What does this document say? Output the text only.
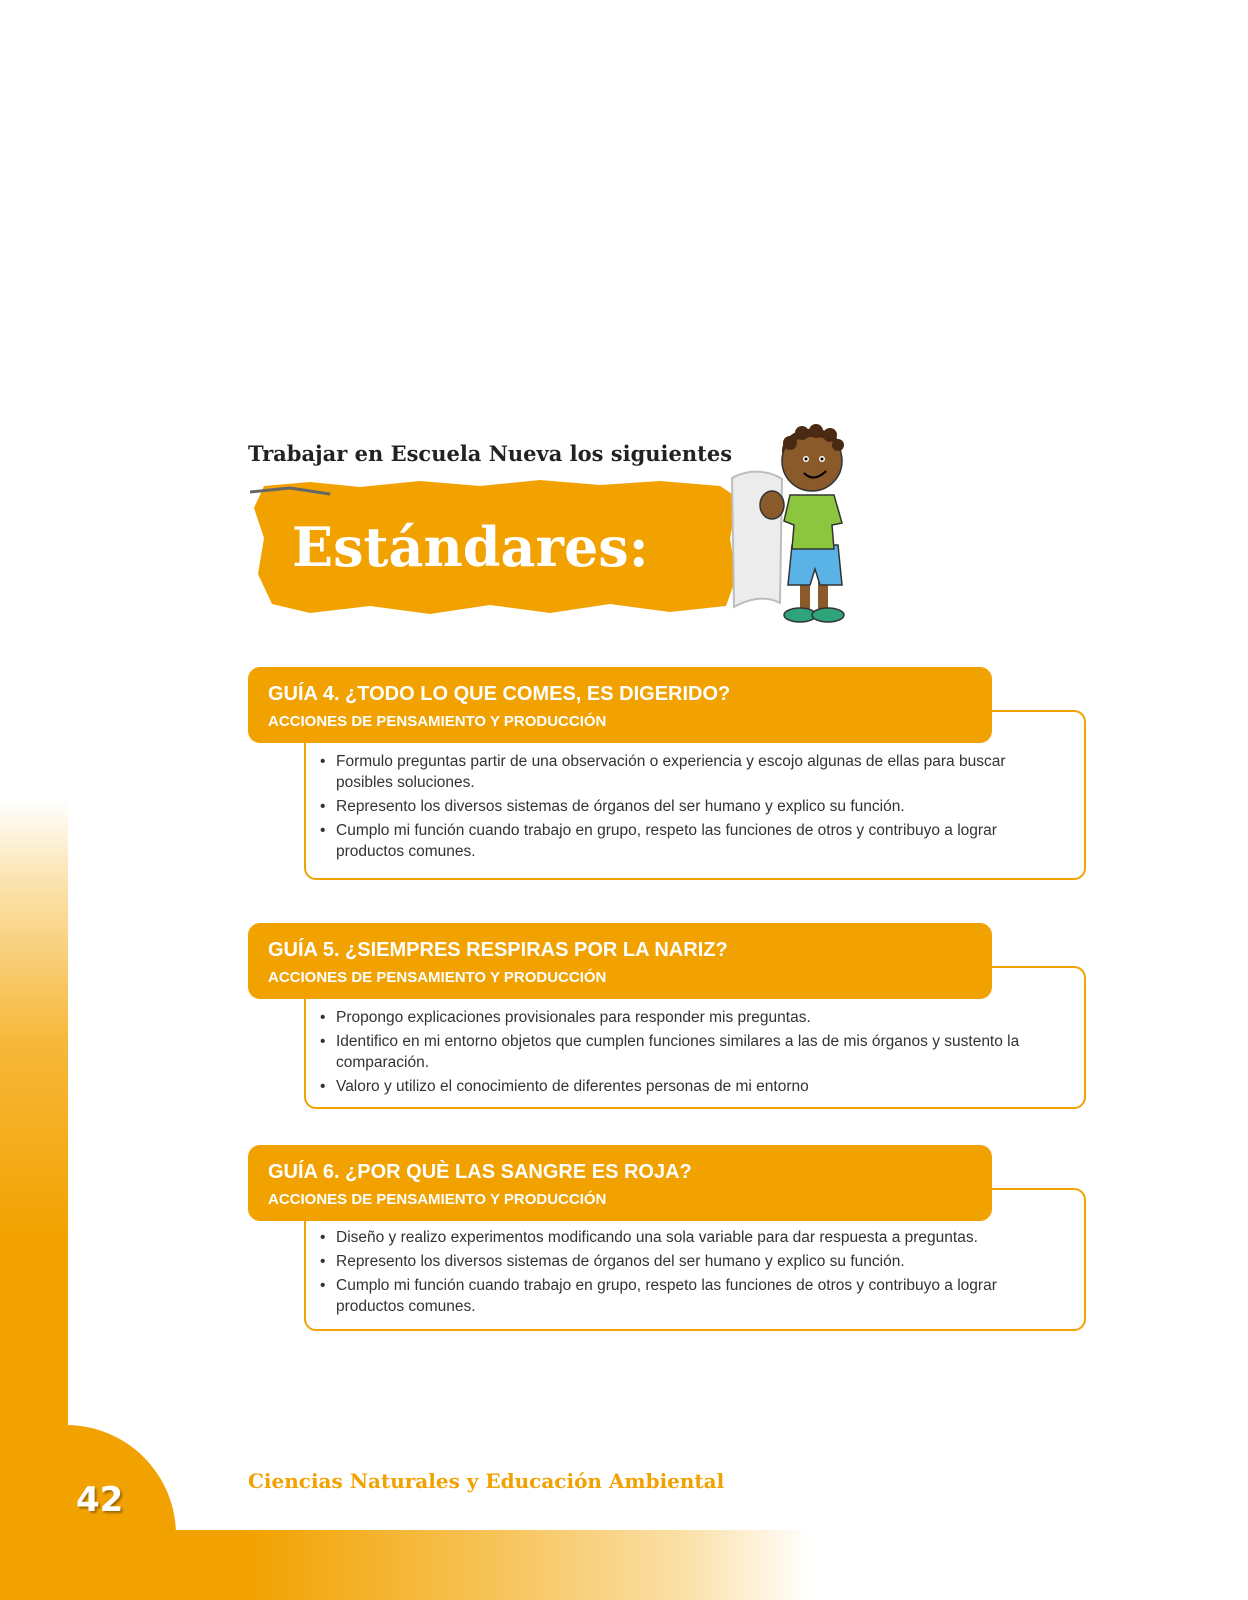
Trabajar en Escuela Nueva los siguientes
Estándares:
GUÍA 4. ¿TODO LO QUE COMES, ES DIGERIDO?
ACCIONES DE PENSAMIENTO Y PRODUCCIÓN
• Formulo preguntas partir de una observación o experiencia y escojo algunas de ellas para buscar posibles soluciones.
• Represento los diversos sistemas de órganos del ser humano y explico su función.
• Cumplo mi función cuando trabajo en grupo, respeto las funciones de otros y contribuyo a lograr productos comunes.
GUÍA 5. ¿SIEMPRES RESPIRAS POR LA NARIZ?
ACCIONES DE PENSAMIENTO Y PRODUCCIÓN
• Propongo explicaciones provisionales para responder mis preguntas.
• Identifico en mi entorno objetos que cumplen funciones similares a las de mis órganos y sustento la comparación.
• Valoro y utilizo el conocimiento de diferentes personas de mi entorno
GUÍA 6. ¿POR QUÈ LAS SANGRE ES ROJA?
ACCIONES DE PENSAMIENTO Y PRODUCCIÓN
• Diseño y realizo experimentos modificando una sola variable para dar respuesta a preguntas.
• Represento los diversos sistemas de órganos del ser humano y explico su función.
• Cumplo mi función cuando trabajo en grupo, respeto las funciones de otros y contribuyo a lograr productos comunes.
42	Ciencias Naturales y Educación Ambiental
